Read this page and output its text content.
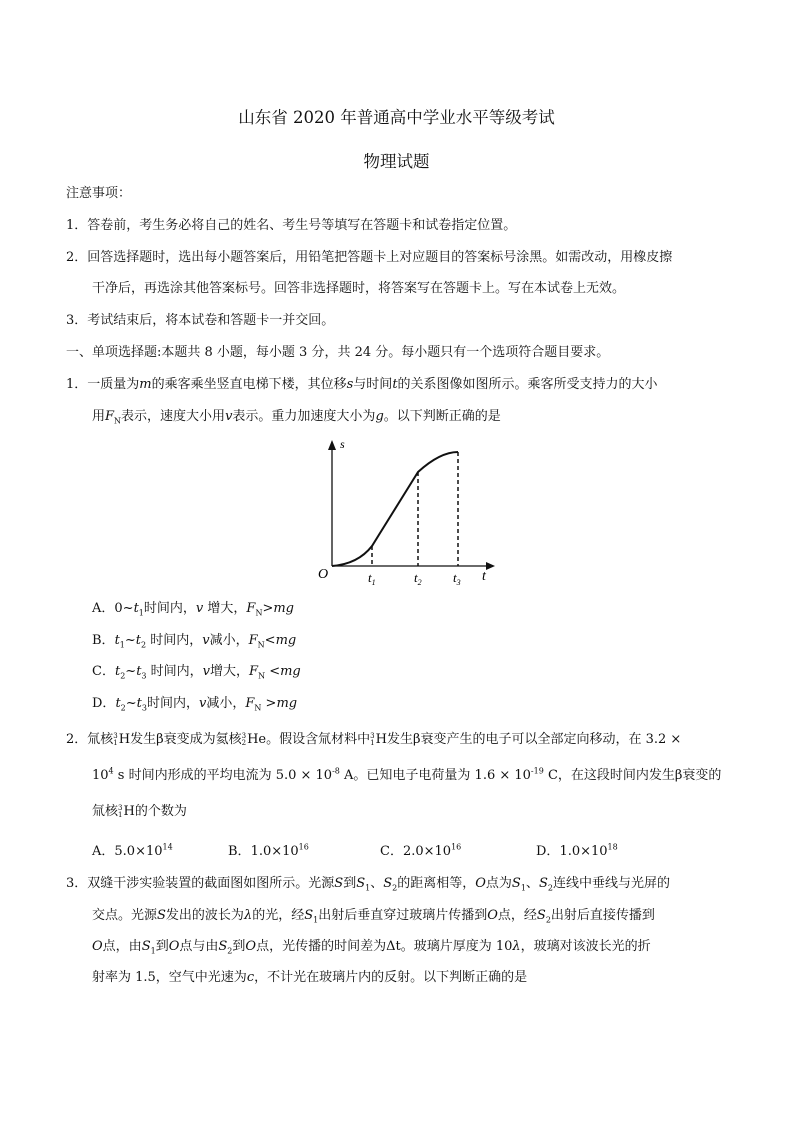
山东省 2020 年普通高中学业水平等级考试
物理试题
注意事项：
1．答卷前，考生务必将自己的姓名、考生号等填写在答题卡和试卷指定位置。
2．回答选择题时，选出每小题答案后，用铅笔把答题卡上对应题目的答案标号涂黑。如需改动，用橡皮擦
干净后，再选涂其他答案标号。回答非选择题时，将答案写在答题卡上。写在本试卷上无效。
3．考试结束后，将本试卷和答题卡一并交回。
一、单项选择题:本题共 8 小题，每小题 3 分，共 24 分。每小题只有一个选项符合题目要求。
1．一质量为m的乘客乘坐竖直电梯下楼，其位移s与时间t的关系图像如图所示。乘客所受支持力的大小
用$F_N$表示，速度大小用v表示。重力加速度大小为g。以下判断正确的是
O
s
t
$t_1$	$t_2$ $t_3$
A．$0\sim t_1$时间内，v 增大，$F_N>mg$
B．$t_1\sim t_2$ 时间内，v减小，$F_N<mg$
C．$t_2\sim t_3$ 时间内，v增大，$F_N <mg$
D．$t_2\sim t_3$时间内，v减小，$F_N >mg$
2．氚核 3
1 H发生β衰变成为氦核 3
2 He。假设含氚材料中 3
1 H发生β衰变产生的电子可以全部定向移动，在 3.2 ×
$10^4$ s 时间内形成的平均电流为 $5.0 \times 10^{-8}$ A。已知电子电荷量为 $1.6 \times 10^{-19}$ C，在这段时间内发生β衰变的
氚核 3
1 H的个数为
A．$5.0\times 10^{14}$	B．$1.0\times 10^{16}$	C．$2.0\times 10^{16}$	D．$1.0\times 10^{18}$
3．双缝干涉实验装置的截面图如图所示。光源S到$S_1$、$S_2$的距离相等，O点为$S_1$、$S_2$连线中垂线与光屏的
交点。光源S发出的波长为λ的光，经$S_1$出射后垂直穿过玻璃片传播到O点，经$S_2$出射后直接传播到
O点，由$S_1$到O点与由$S_2$到O点，光传播的时间差为Δt。玻璃片厚度为 10λ，玻璃对该波长光的折
射率为 1.5，空气中光速为c，不计光在玻璃片内的反射。以下判断正确的是
